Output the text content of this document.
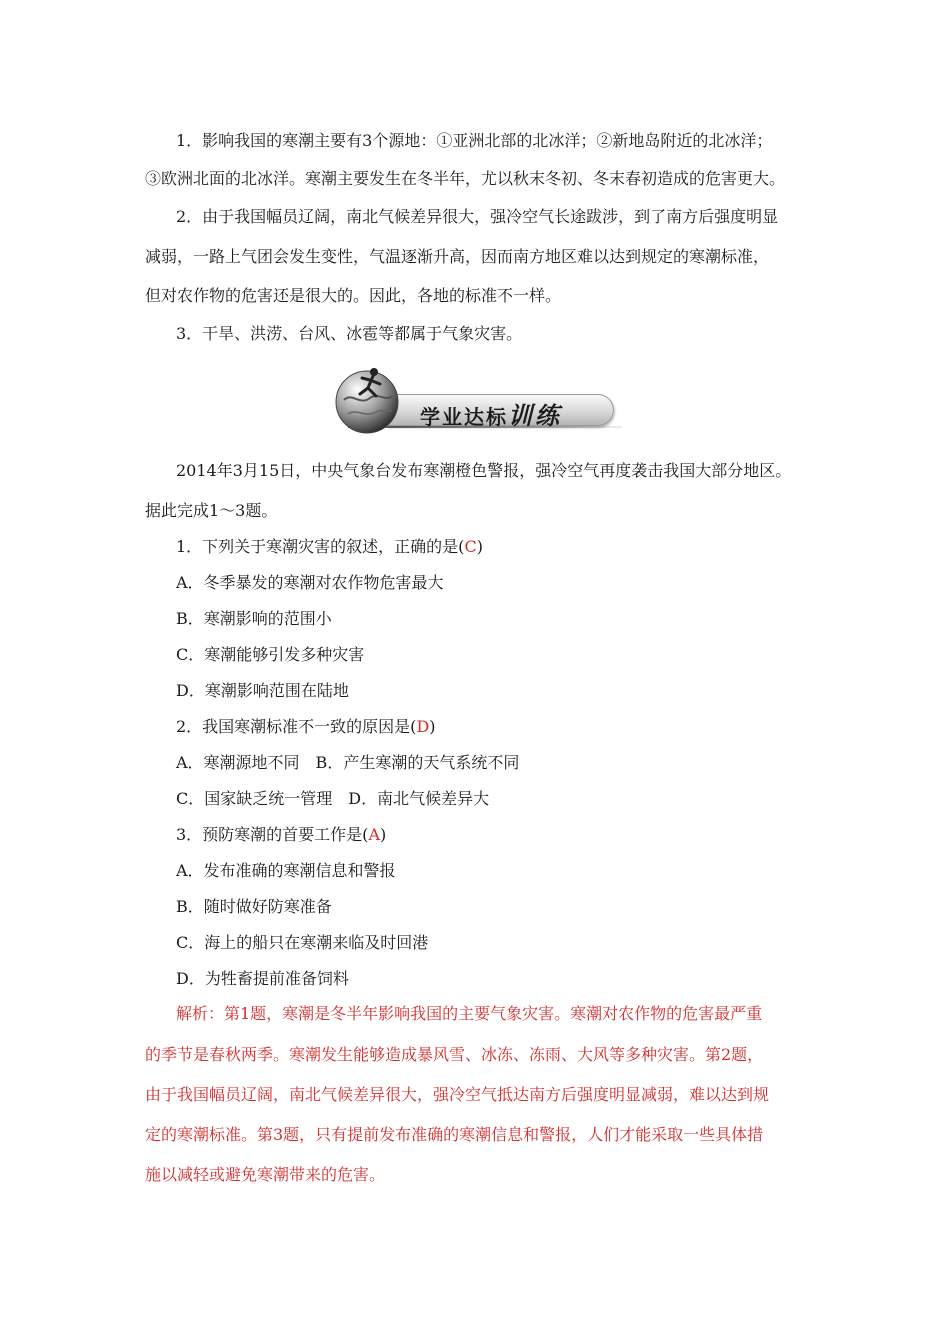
1．影响我国的寒潮主要有3个源地：①亚洲北部的北冰洋；②新地岛附近的北冰洋；
③欧洲北面的北冰洋。寒潮主要发生在冬半年，尤以秋末冬初、冬末春初造成的危害更大。
2．由于我国幅员辽阔，南北气候差异很大，强冷空气长途跋涉，到了南方后强度明显
减弱，一路上气团会发生变性，气温逐渐升高，因而南方地区难以达到规定的寒潮标准，
但对农作物的危害还是很大的。因此，各地的标准不一样。
3．干旱、洪涝、台风、冰雹等都属于气象灾害。
学业达标训练
2014年3月15日，中央气象台发布寒潮橙色警报，强冷空气再度袭击我国大部分地区。
据此完成1～3题。
1．下列关于寒潮灾害的叙述，正确的是(C)
A．冬季暴发的寒潮对农作物危害最大
B．寒潮影响的范围小
C．寒潮能够引发多种灾害
D．寒潮影响范围在陆地
2．我国寒潮标准不一致的原因是(D)
A．寒潮源地不同　B．产生寒潮的天气系统不同
C．国家缺乏统一管理　D．南北气候差异大
3．预防寒潮的首要工作是(A)
A．发布准确的寒潮信息和警报
B．随时做好防寒准备
C．海上的船只在寒潮来临及时回港
D．为牲畜提前准备饲料
解析：第1题，寒潮是冬半年影响我国的主要气象灾害。寒潮对农作物的危害最严重
的季节是春秋两季。寒潮发生能够造成暴风雪、冰冻、冻雨、大风等多种灾害。第2题，
由于我国幅员辽阔，南北气候差异很大，强冷空气抵达南方后强度明显减弱，难以达到规
定的寒潮标准。第3题，只有提前发布准确的寒潮信息和警报，人们才能采取一些具体措
施以减轻或避免寒潮带来的危害。
